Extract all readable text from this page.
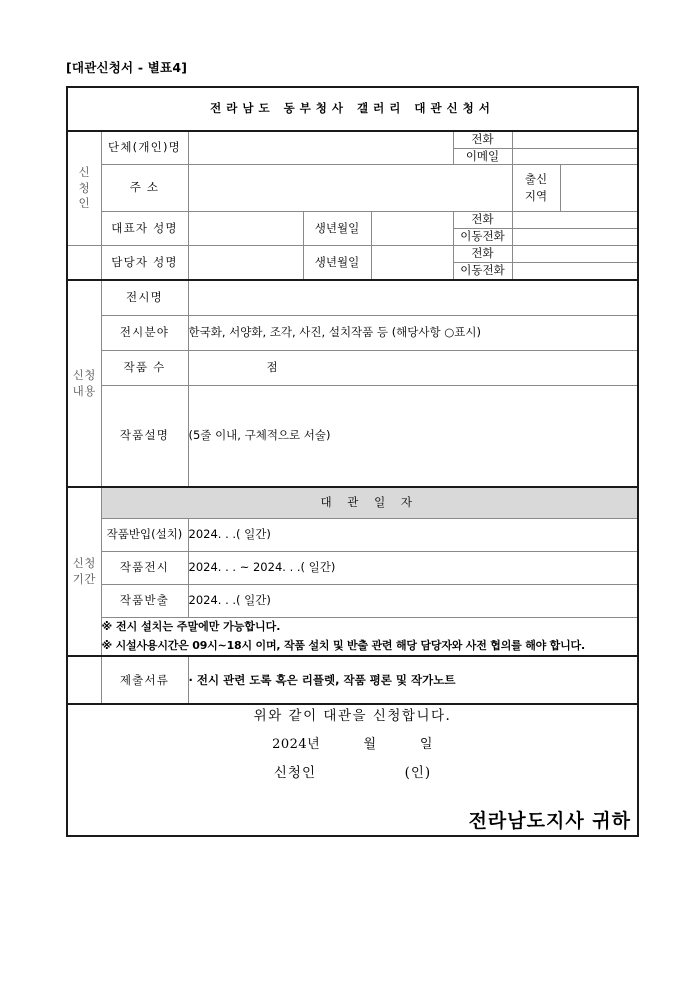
[대관신청서 - 별표4]
전라남도 동부청사 갤러리 대관신청서							

신
청
인	단체(개인)명				전화		
					이메일		
	주 소					출신
지역	
	대표자 성명		생년월일		전화		
					이동전화		
	담당자 성명		생년월일		전화		
					이동전화		
신청 내용	전시명						
	전시분야	한국화, 서양화, 조각, 사진, 설치작품 등 (해당사항 ○표시)					
	작품 수	점					
	작품설명	(5줄 이내, 구체적으로 서술)					
신청 기간	대 관 일 자						
	작품반입(설치)	2024. . .( 일간)					
	작품전시	2024. . . ~ 2024. . .( 일간)					
	작품반출	2024. . .( 일간)					

	※ 전시 설치는 주말에만 가능합니다.
※ 시설사용시간은 09시~18시 이며, 작품 설치 및 반출 관련 해당 담당자와 사전 협의를 해야 합니다.						

	제출서류	· 전시 관련 도록 혹은 리플렛, 작품 평론 및 작가노트					

위와 같이 대관을 신청합니다.
2024년 월 일
신청인 (인)
전라남도지사 귀하							
